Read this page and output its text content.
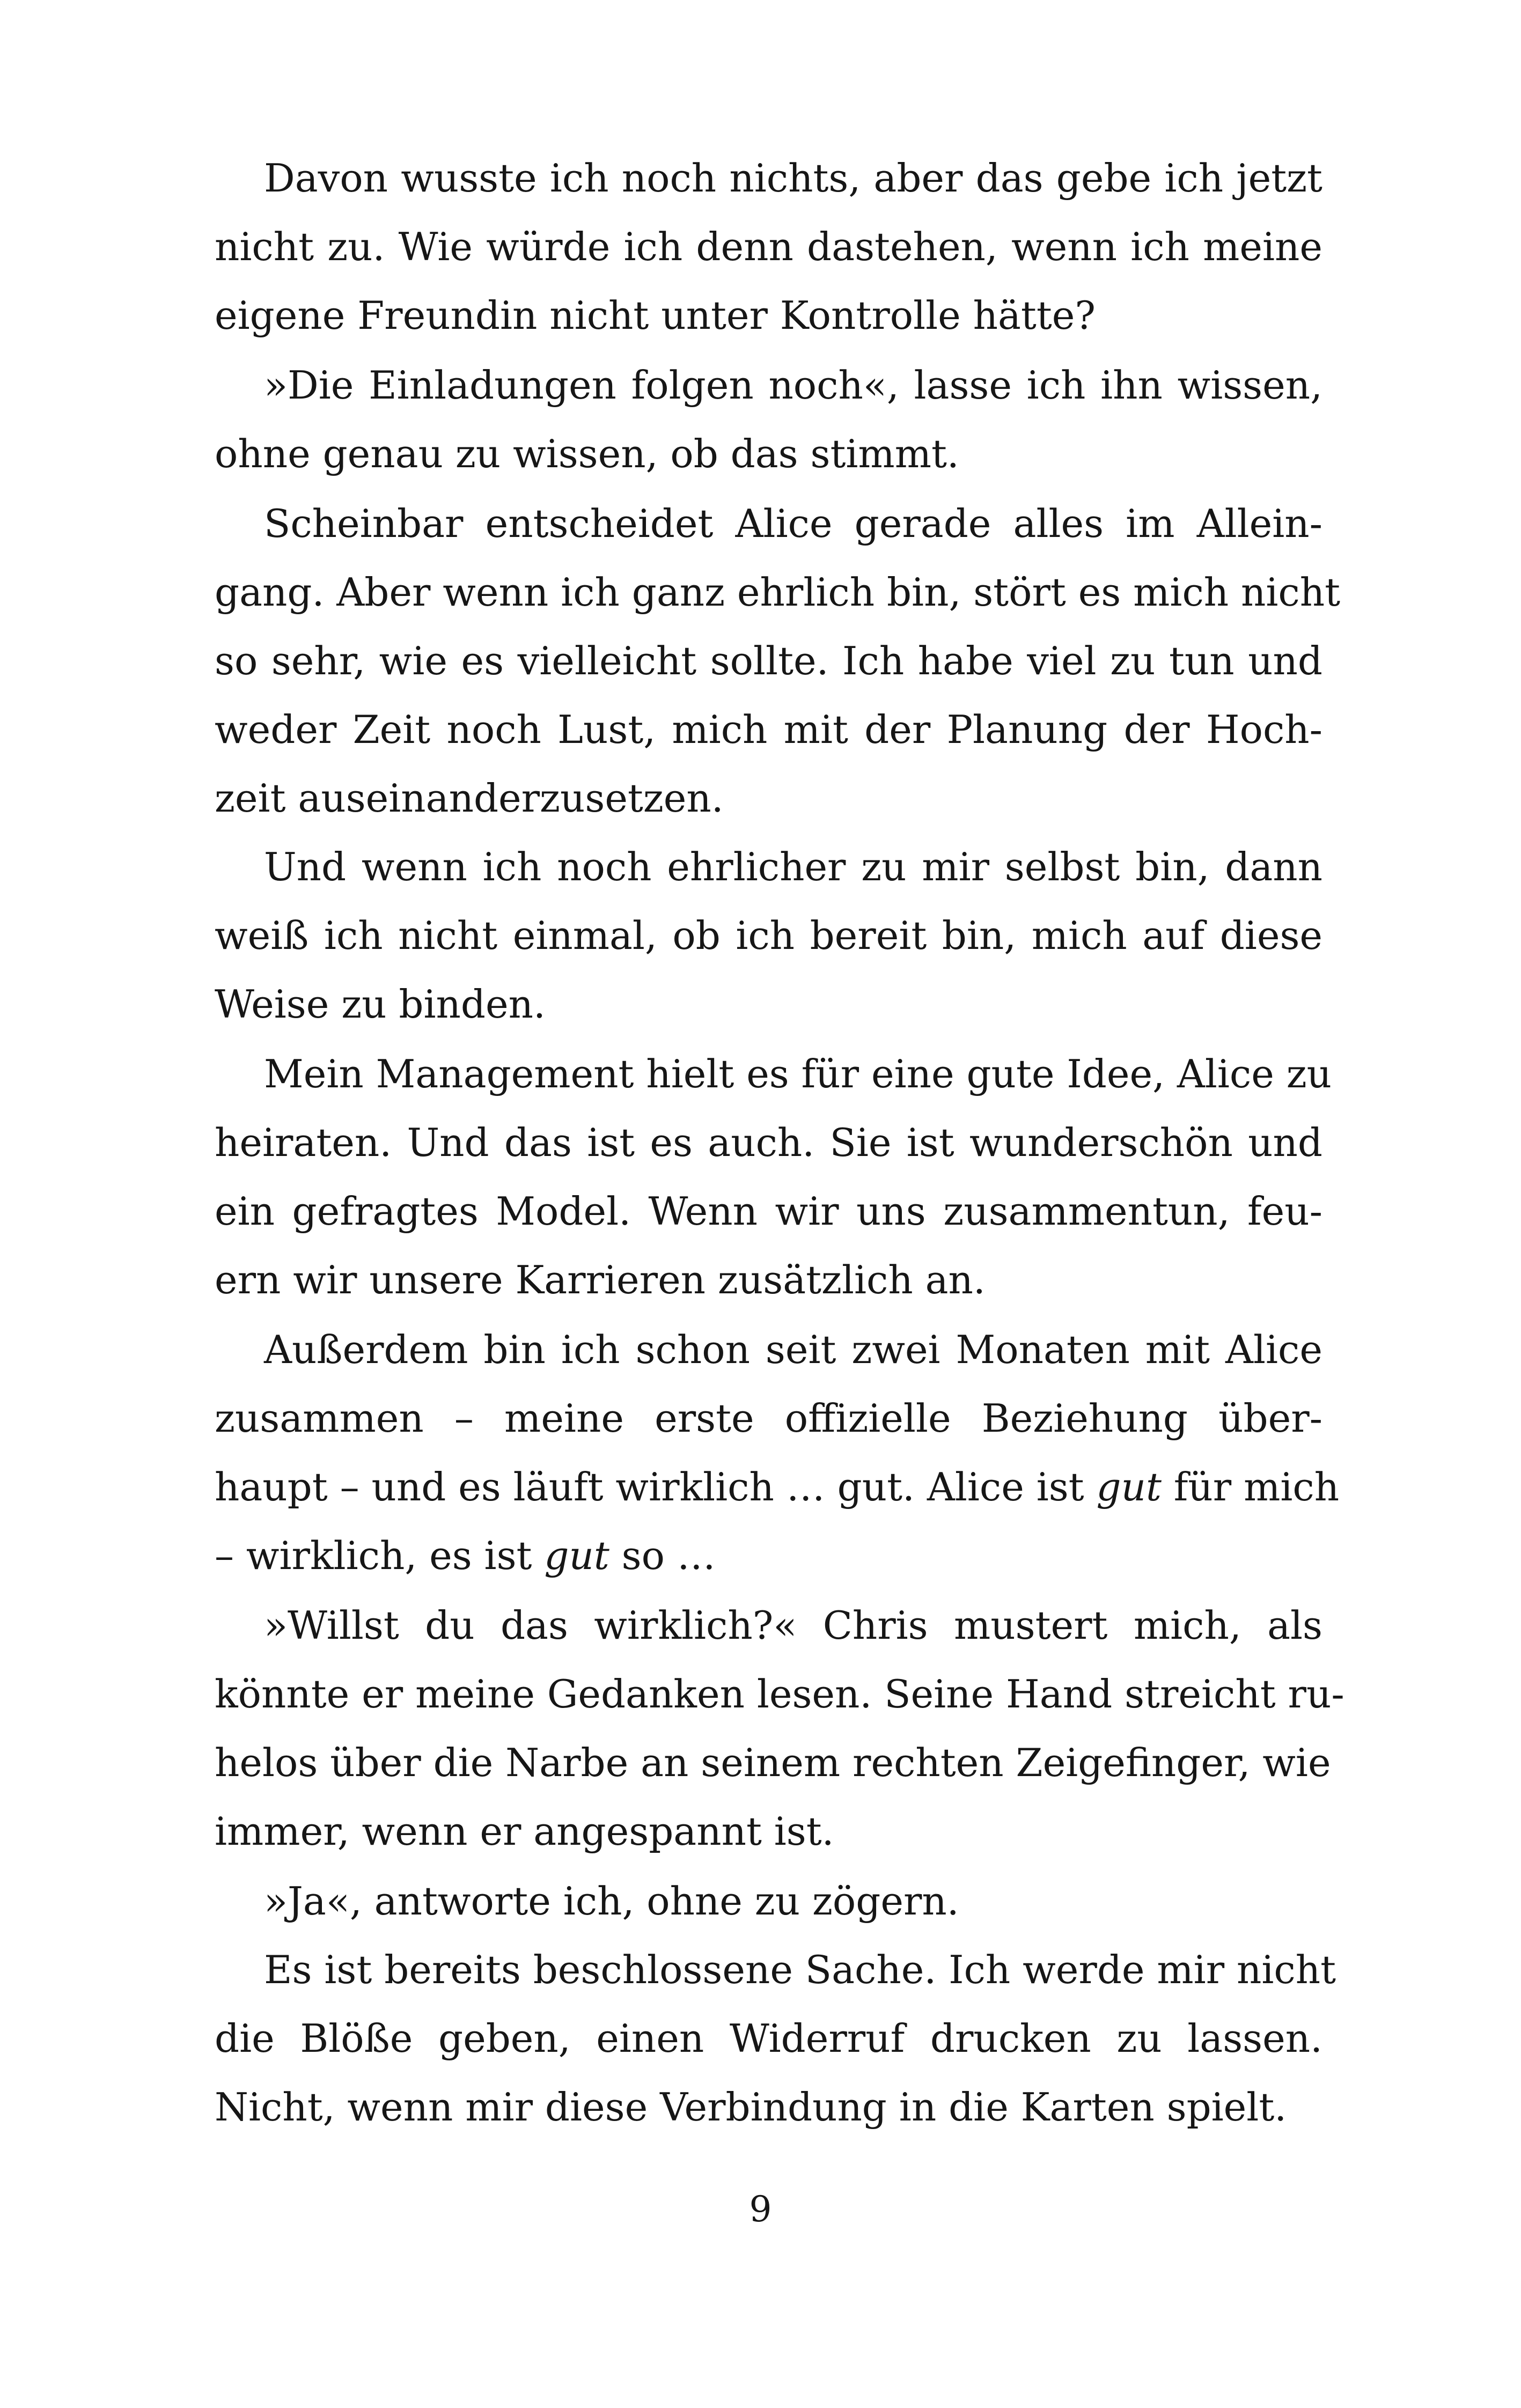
Davon wusste ich noch nichts, aber das gebe ich jetzt
nicht zu. Wie würde ich denn dastehen, wenn ich meine
eigene Freundin nicht unter Kontrolle hätte?
»Die Einladungen folgen noch«, lasse ich ihn wissen,
ohne genau zu wissen, ob das stimmt.
Scheinbar entscheidet Alice gerade alles im Allein-
gang. Aber wenn ich ganz ehrlich bin, stört es mich nicht
so sehr, wie es vielleicht sollte. Ich habe viel zu tun und
weder Zeit noch Lust, mich mit der Planung der Hoch-
zeit auseinanderzusetzen.
Und wenn ich noch ehrlicher zu mir selbst bin, dann
weiß ich nicht einmal, ob ich bereit bin, mich auf diese
Weise zu binden.
Mein Management hielt es für eine gute Idee, Alice zu
heiraten. Und das ist es auch. Sie ist wunderschön und
ein gefragtes Model. Wenn wir uns zusammentun, feu-
ern wir unsere Karrieren zusätzlich an.
Außerdem bin ich schon seit zwei Monaten mit Alice
zusammen – meine erste offizielle Beziehung über-
haupt – und es läuft wirklich … gut. Alice ist gut für mich
– wirklich, es ist gut so …
»Willst du das wirklich?« Chris mustert mich, als
könnte er meine Gedanken lesen. Seine Hand streicht ru-
helos über die Narbe an seinem rechten Zeigefinger, wie
immer, wenn er angespannt ist.
»Ja«, antworte ich, ohne zu zögern.
Es ist bereits beschlossene Sache. Ich werde mir nicht
die Blöße geben, einen Widerruf drucken zu lassen.
Nicht, wenn mir diese Verbindung in die Karten spielt.
9
